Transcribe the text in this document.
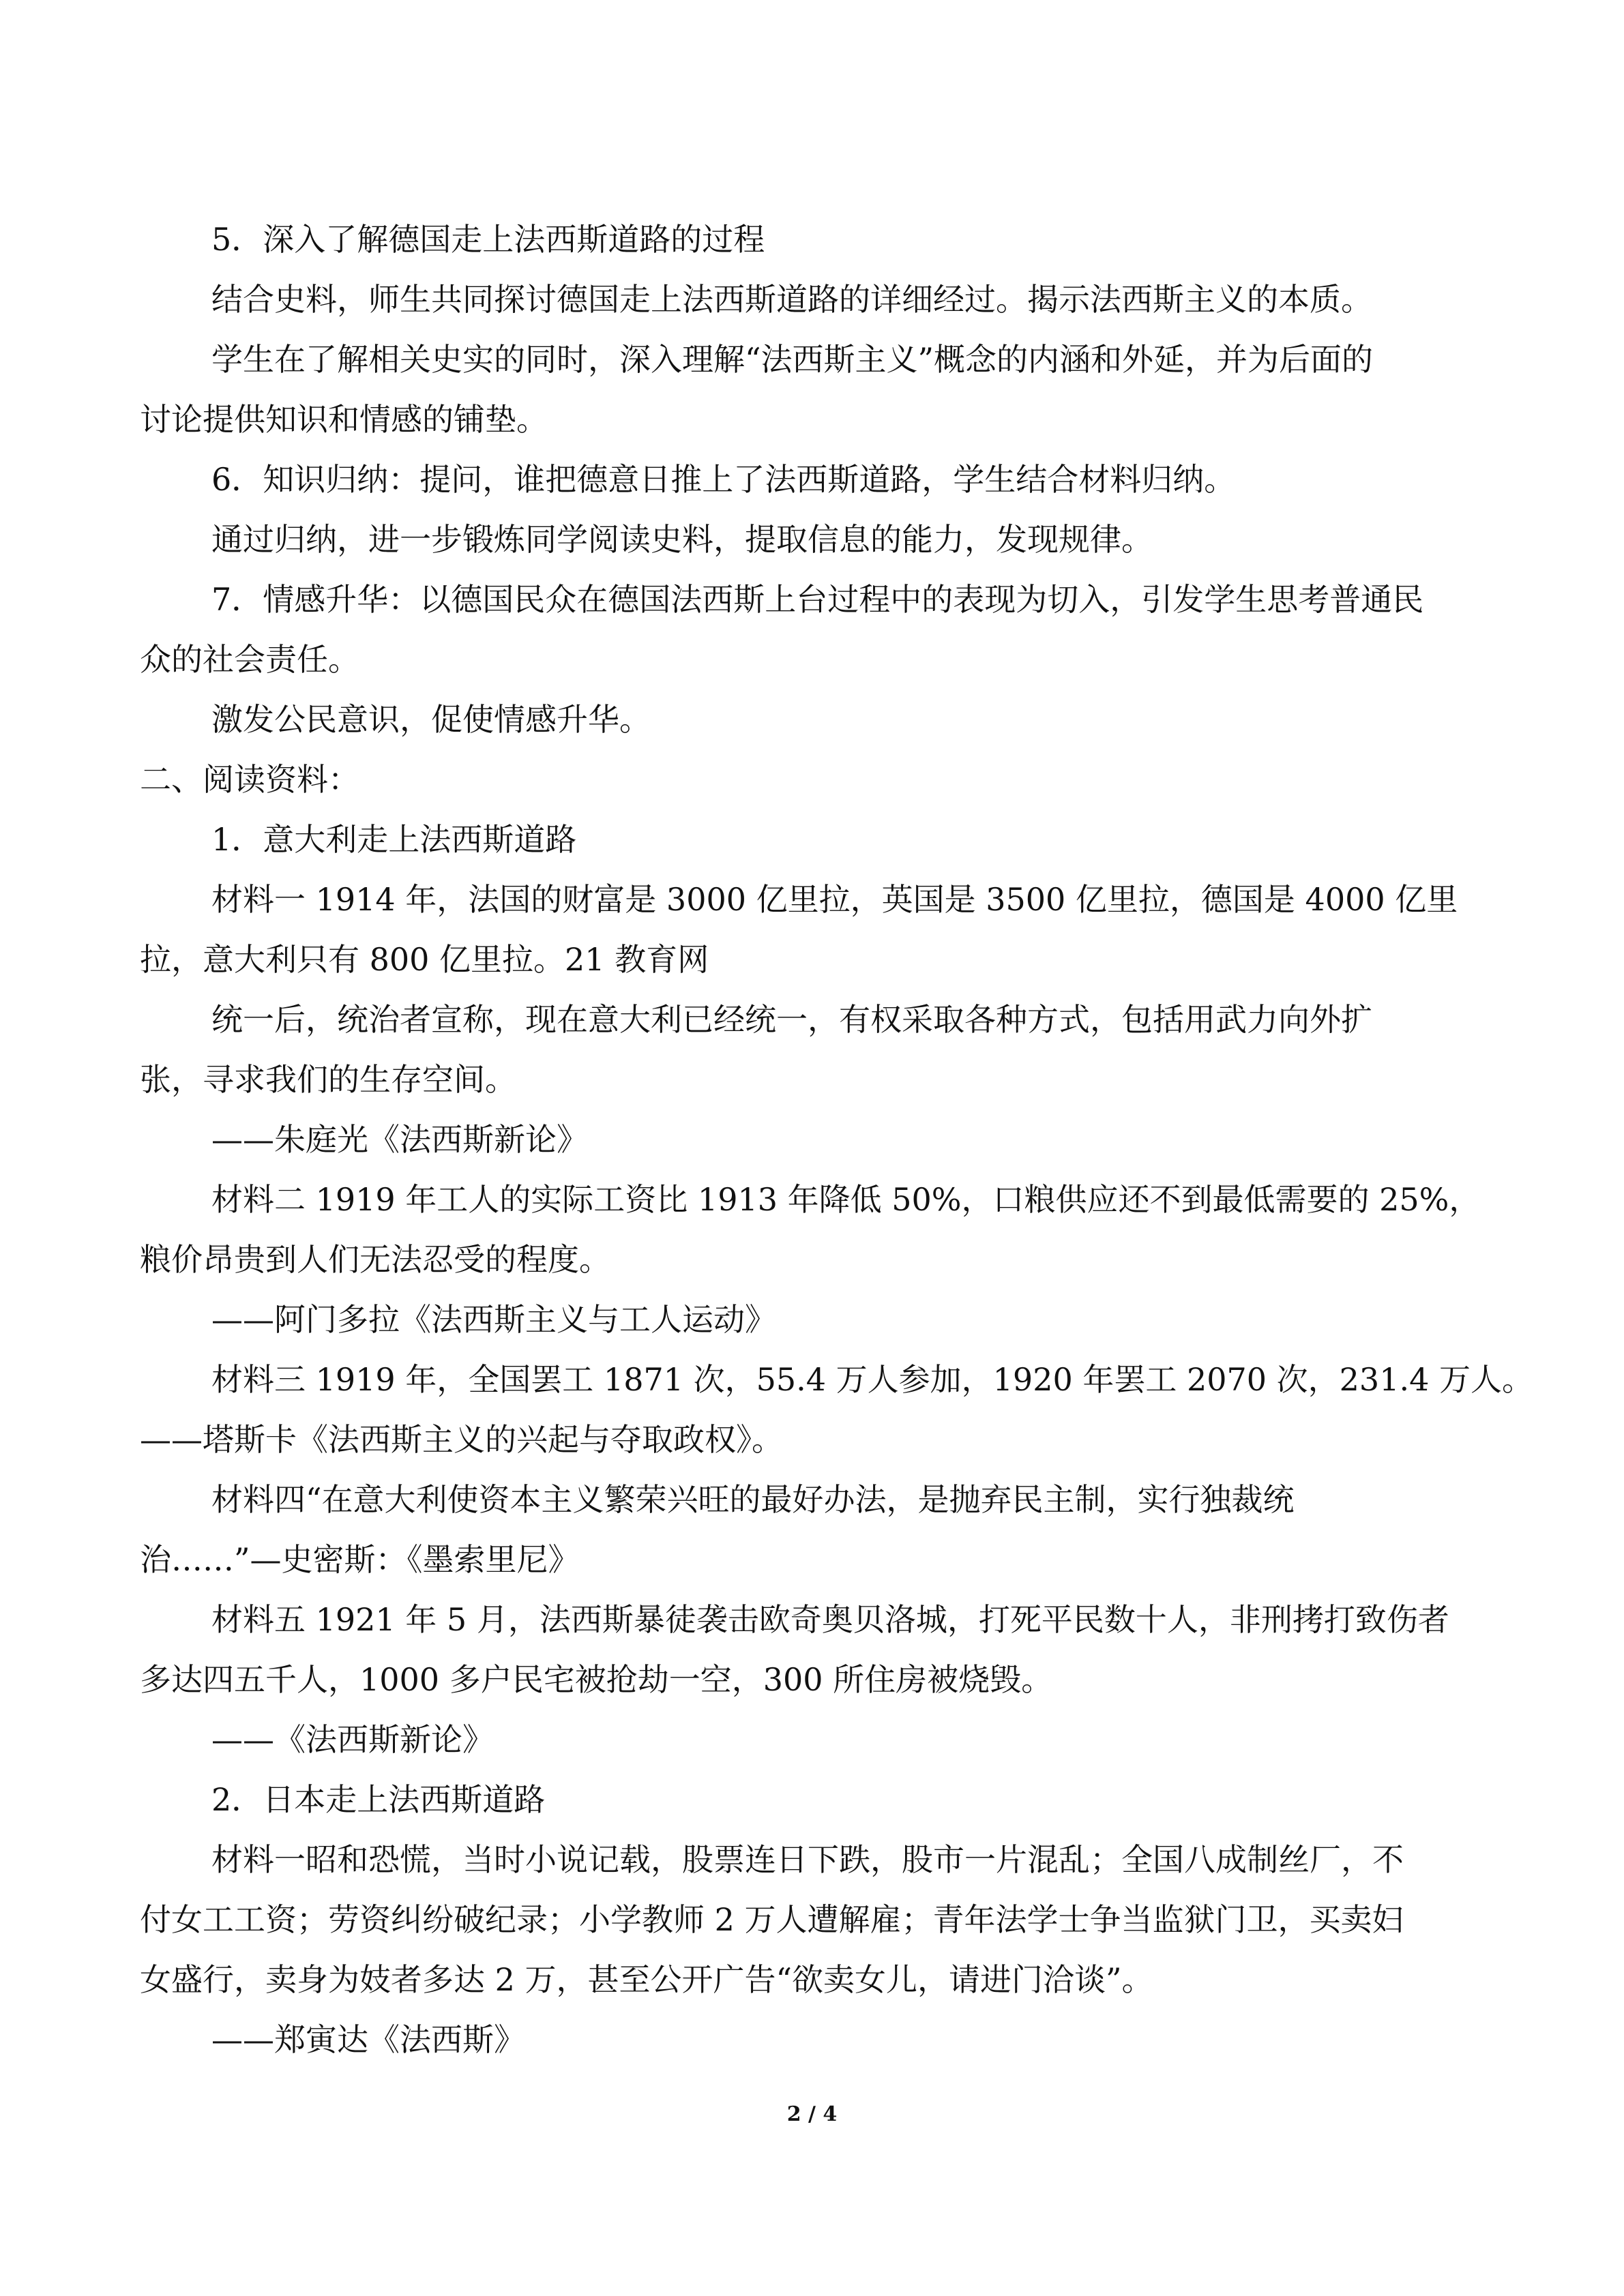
5．深入了解德国走上法西斯道路的过程
结合史料，师生共同探讨德国走上法西斯道路的详细经过。揭示法西斯主义的本质。
学生在了解相关史实的同时，深入理解“法西斯主义”概念的内涵和外延，并为后面的
讨论提供知识和情感的铺垫。
6．知识归纳：提问，谁把德意日推上了法西斯道路，学生结合材料归纳。
通过归纳，进一步锻炼同学阅读史料，提取信息的能力，发现规律。
7．情感升华：以德国民众在德国法西斯上台过程中的表现为切入，引发学生思考普通民
众的社会责任。
激发公民意识，促使情感升华。
二、阅读资料：
1．意大利走上法西斯道路
材料一 1914 年，法国的财富是 3000 亿里拉，英国是 3500 亿里拉，德国是 4000 亿里
拉，意大利只有 800 亿里拉。21 教育网
统一后，统治者宣称，现在意大利已经统一，有权采取各种方式，包括用武力向外扩
张，寻求我们的生存空间。
——朱庭光《法西斯新论》
材料二 1919 年工人的实际工资比 1913 年降低 50%，口粮供应还不到最低需要的 25%，
粮价昂贵到人们无法忍受的程度。
——阿门多拉《法西斯主义与工人运动》
材料三 1919 年，全国罢工 1871 次，55.4 万人参加，1920 年罢工 2070 次，231.4 万人。
——塔斯卡《法西斯主义的兴起与夺取政权》。
材料四“在意大利使资本主义繁荣兴旺的最好办法，是抛弃民主制，实行独裁统
治……”—史密斯：《墨索里尼》
材料五 1921 年 5 月，法西斯暴徒袭击欧奇奥贝洛城，打死平民数十人，非刑拷打致伤者
多达四五千人，1000 多户民宅被抢劫一空，300 所住房被烧毁。
——《法西斯新论》
2．日本走上法西斯道路
材料一昭和恐慌，当时小说记载，股票连日下跌，股市一片混乱；全国八成制丝厂，不
付女工工资；劳资纠纷破纪录；小学教师 2 万人遭解雇；青年法学士争当监狱门卫，买卖妇
女盛行，卖身为妓者多达 2 万，甚至公开广告“欲卖女儿，请进门洽谈”。
——郑寅达《法西斯》
2 / 4
